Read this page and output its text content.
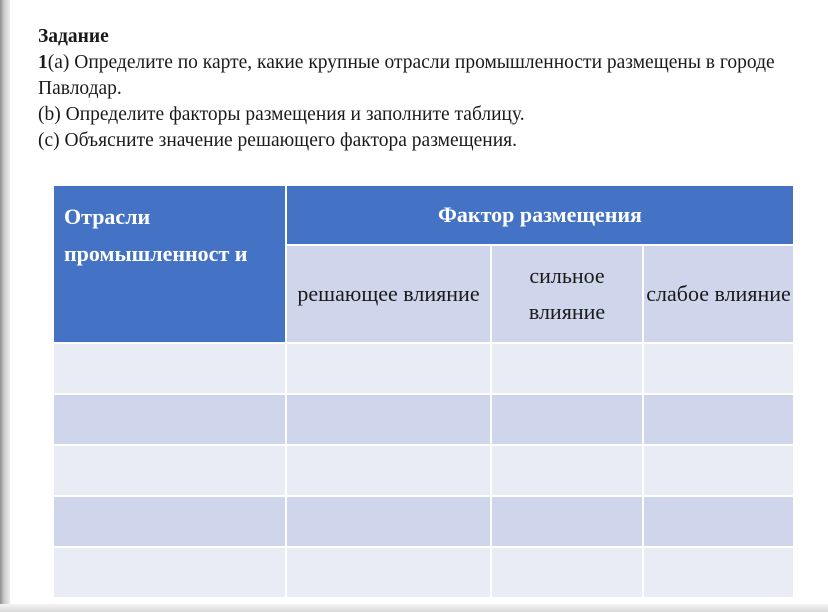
Задание

1(a) Определите по карте, какие крупные отрасли промышленности размещены в городе Павлодар.

(b) Определите факторы размещения и заполните таблицу.

(c) Объясните значение решающего фактора размещения.

Отрасли промышленност и	Фактор размещения		
	решающее влияние	сильное влияние	слабое влияние
